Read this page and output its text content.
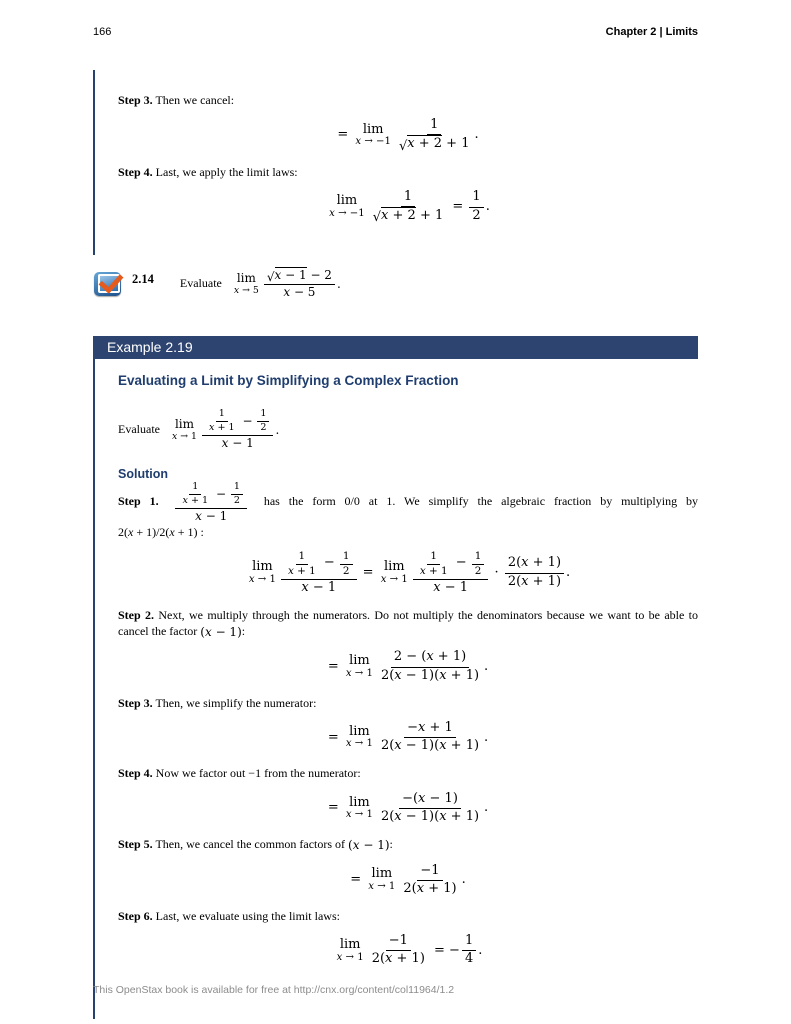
166	Chapter 2 | Limits

Step 3. Then we cancel:

= lim
x → −1
1
√ x + 2 + 1
.

Step 4. Last, we apply the limit laws:

lim
$x \to -1 \frac{1}{√ x + 2 + 1} = \frac{1}{2}$ .
2.14 Evaluate lim
x → 5
√ x − 1 − 2
x − 5
.
Example 2.19
Evaluating a Limit by Simplifying a Complex Fraction

Evaluate lim
x → 1
1
$x + 1 - \frac{1}{2}$
x − 1
.

Solution

Step 1.
1
$x + 1 - \frac{1}{2}$
x − 1
has the form 0/0 at 1. We simplify the algebraic fraction by multiplying by

2(x + 1)/2(x + 1) :

lim
x → 1 1
x + 1
− $\frac{1}{2}$
x − 1 = lim
x → 1
1
x + 1
− $\frac{1}{2}$
x − 1
·
2(x + 1)
2(x + 1)
.

Step 2. Next, we multiply through the numerators. Do not multiply the denominators because we want to be able to cancel the factor (x − 1) :

= lim
x → 1
2 − (x + 1)
2(x − 1)(x + 1)
.

Step 3. Then, we simplify the numerator:

= lim
x → 1
−x + 1
2(x − 1)(x + 1)
.

Step 4. Now we factor out −1 from the numerator:

= lim
x → 1
−(x − 1)
2(x − 1)(x + 1)
.

Step 5. Then, we cancel the common factors of (x − 1) :

= lim
x → 1
−1
2(x + 1)
.

Step 6. Last, we evaluate using the limit laws:

lim
$x \to 1 \frac{-1}{2(x + 1)}$ = − $\frac{1}{4}$ .
This OpenStax book is available for free at http://cnx.org/content/col11964/1.2
